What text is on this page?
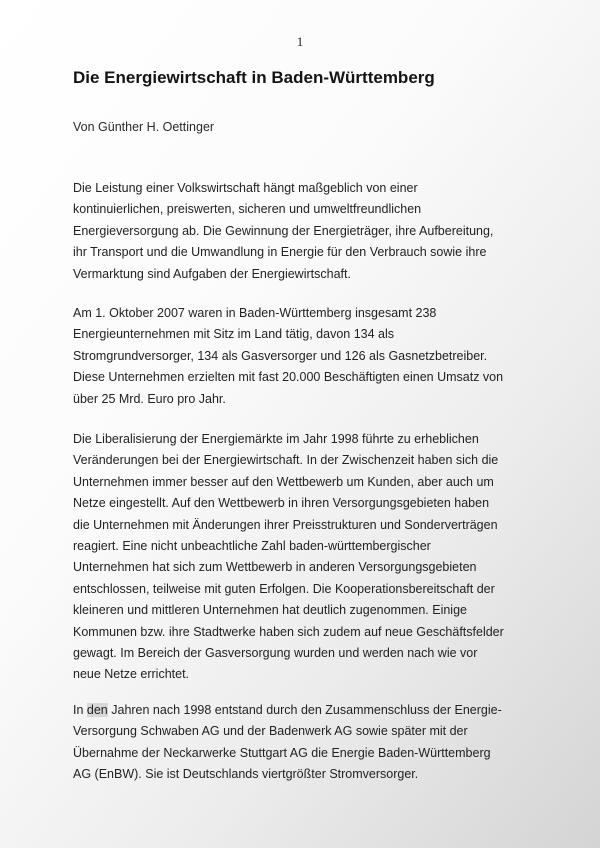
1
Die Energiewirtschaft in Baden-Württemberg
Von Günther H. Oettinger
Die Leistung einer Volkswirtschaft hängt maßgeblich von einer
kontinuierlichen, preiswerten, sicheren und umweltfreundlichen
Energieversorgung ab. Die Gewinnung der Energieträger, ihre Aufbereitung,
ihr Transport und die Umwandlung in Energie für den Verbrauch sowie ihre
Vermarktung sind Aufgaben der Energiewirtschaft.
Am 1. Oktober 2007 waren in Baden-Württemberg insgesamt 238
Energieunternehmen mit Sitz im Land tätig, davon 134 als
Stromgrundversorger, 134 als Gasversorger und 126 als Gasnetzbetreiber.
Diese Unternehmen erzielten mit fast 20.000 Beschäftigten einen Umsatz von
über 25 Mrd. Euro pro Jahr.
Die Liberalisierung der Energiemärkte im Jahr 1998 führte zu erheblichen
Veränderungen bei der Energiewirtschaft. In der Zwischenzeit haben sich die
Unternehmen immer besser auf den Wettbewerb um Kunden, aber auch um
Netze eingestellt. Auf den Wettbewerb in ihren Versorgungsgebieten haben
die Unternehmen mit Änderungen ihrer Preisstrukturen und Sonderverträgen
reagiert. Eine nicht unbeachtliche Zahl baden-württembergischer
Unternehmen hat sich zum Wettbewerb in anderen Versorgungsgebieten
entschlossen, teilweise mit guten Erfolgen. Die Kooperationsbereitschaft der
kleineren und mittleren Unternehmen hat deutlich zugenommen. Einige
Kommunen bzw. ihre Stadtwerke haben sich zudem auf neue Geschäftsfelder
gewagt. Im Bereich der Gasversorgung wurden und werden nach wie vor
neue Netze errichtet.
In den Jahren nach 1998 entstand durch den Zusammenschluss der Energie-
Versorgung Schwaben AG und der Badenwerk AG sowie später mit der
Übernahme der Neckarwerke Stuttgart AG die Energie Baden-Württemberg
AG (EnBW). Sie ist Deutschlands viertgrößter Stromversorger.
